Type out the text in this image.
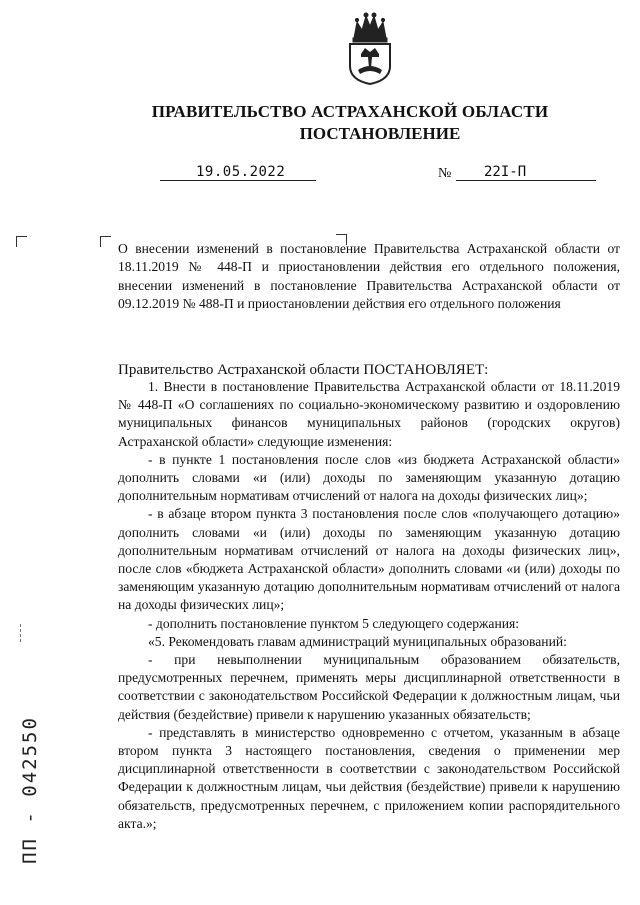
ПРАВИТЕЛЬСТВО АСТРАХАНСКОЙ ОБЛАСТИ
ПОСТАНОВЛЕНИЕ
19.05.2022	№ 22I-П

О внесении изменений в постановление Правительства Астраханской области от 18.11.2019 № 448-П и приостановлении действия его отдельного положения, внесении изменений в постановление Правительства Астраханской области от 09.12.2019 № 488-П и приостановлении действия его отдельного положения

Правительство Астраханской области ПОСТАНОВЛЯЕТ:

1. Внести в постановление Правительства Астраханской области от 18.11.2019 № 448-П «О соглашениях по социально-экономическому развитию и оздоровлению муниципальных финансов муниципальных районов (городских округов) Астраханской области» следующие изменения:

- в пункте 1 постановления после слов «из бюджета Астраханской области» дополнить словами «и (или) доходы по заменяющим указанную дотацию дополнительным нормативам отчислений от налога на доходы физических лиц»;

- в абзаце втором пункта 3 постановления после слов «получающего дотацию» дополнить словами «и (или) доходы по заменяющим указанную дотацию дополнительным нормативам отчислений от налога на доходы физических лиц», после слов «бюджета Астраханской области» дополнить словами «и (или) доходы по заменяющим указанную дотацию дополнительным нормативам отчислений от налога на доходы физических лиц»;

- дополнить постановление пунктом 5 следующего содержания:

«5. Рекомендовать главам администраций муниципальных образований:

- при невыполнении муниципальным образованием обязательств, предусмотренных перечнем, применять меры дисциплинарной ответственности в соответствии с законодательством Российской Федерации к должностным лицам, чьи действия (бездействие) привели к нарушению указанных обязательств;

- представлять в министерство одновременно с отчетом, указанным в абзаце втором пункта 3 настоящего постановления, сведения о применении мер дисциплинарной ответственности в соответствии с законодательством Российской Федерации к должностным лицам, чьи действия (бездействие) привели к нарушению обязательств, предусмотренных перечнем, с приложением копии распорядительного акта.»;

ПП - 042550
